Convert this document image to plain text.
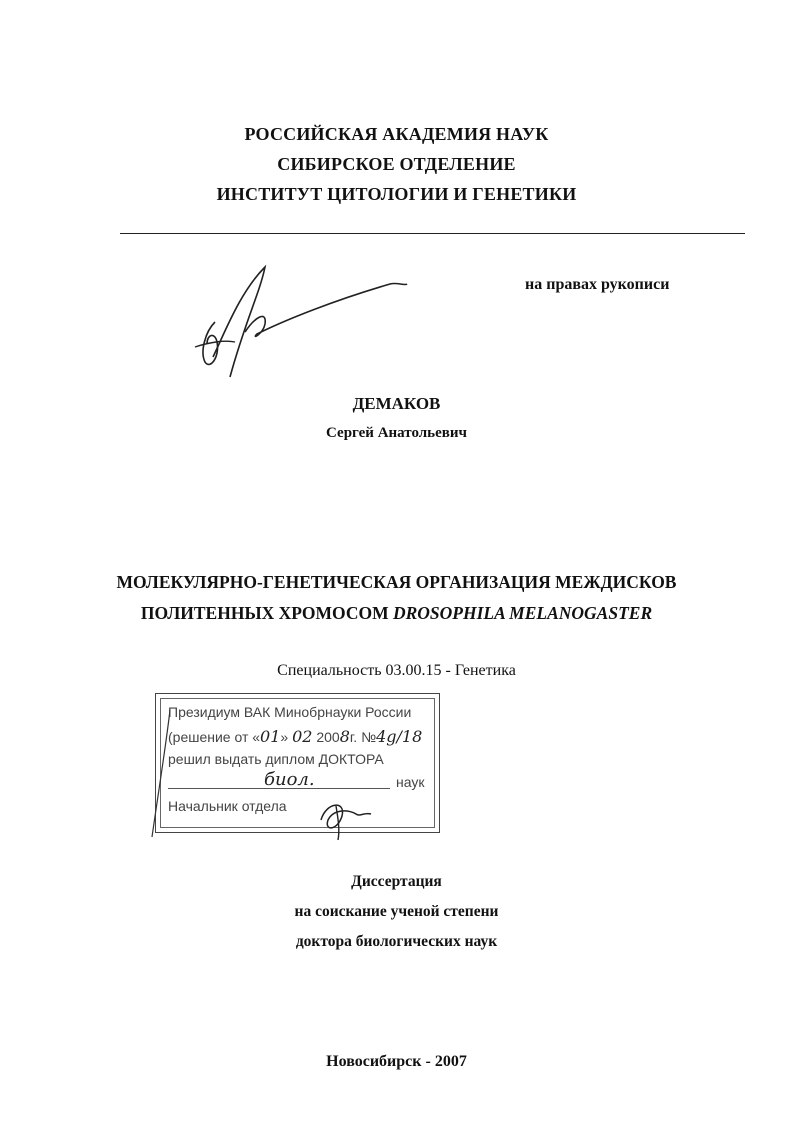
РОССИЙСКАЯ АКАДЕМИЯ НАУК
СИБИРСКОЕ ОТДЕЛЕНИЕ
ИНСТИТУТ ЦИТОЛОГИИ И ГЕНЕТИКИ
на правах рукописи
ДЕМАКОВ
Сергей Анатольевич
МОЛЕКУЛЯРНО-ГЕНЕТИЧЕСКАЯ ОРГАНИЗАЦИЯ МЕЖДИСКОВ
ПОЛИТЕННЫХ ХРОМОСОМ DROSOPHILA MELANOGASTER
Специальность 03.00.15 - Генетика
Президиум ВАК Минобрнауки России
(решение от «01» 02 2008г. №4g/18
решил выдать диплом ДОКТОРА
биол.	наук
Начальник отдела
Диссертация
на соискание ученой степени
доктора биологических наук
Новосибирск - 2007
